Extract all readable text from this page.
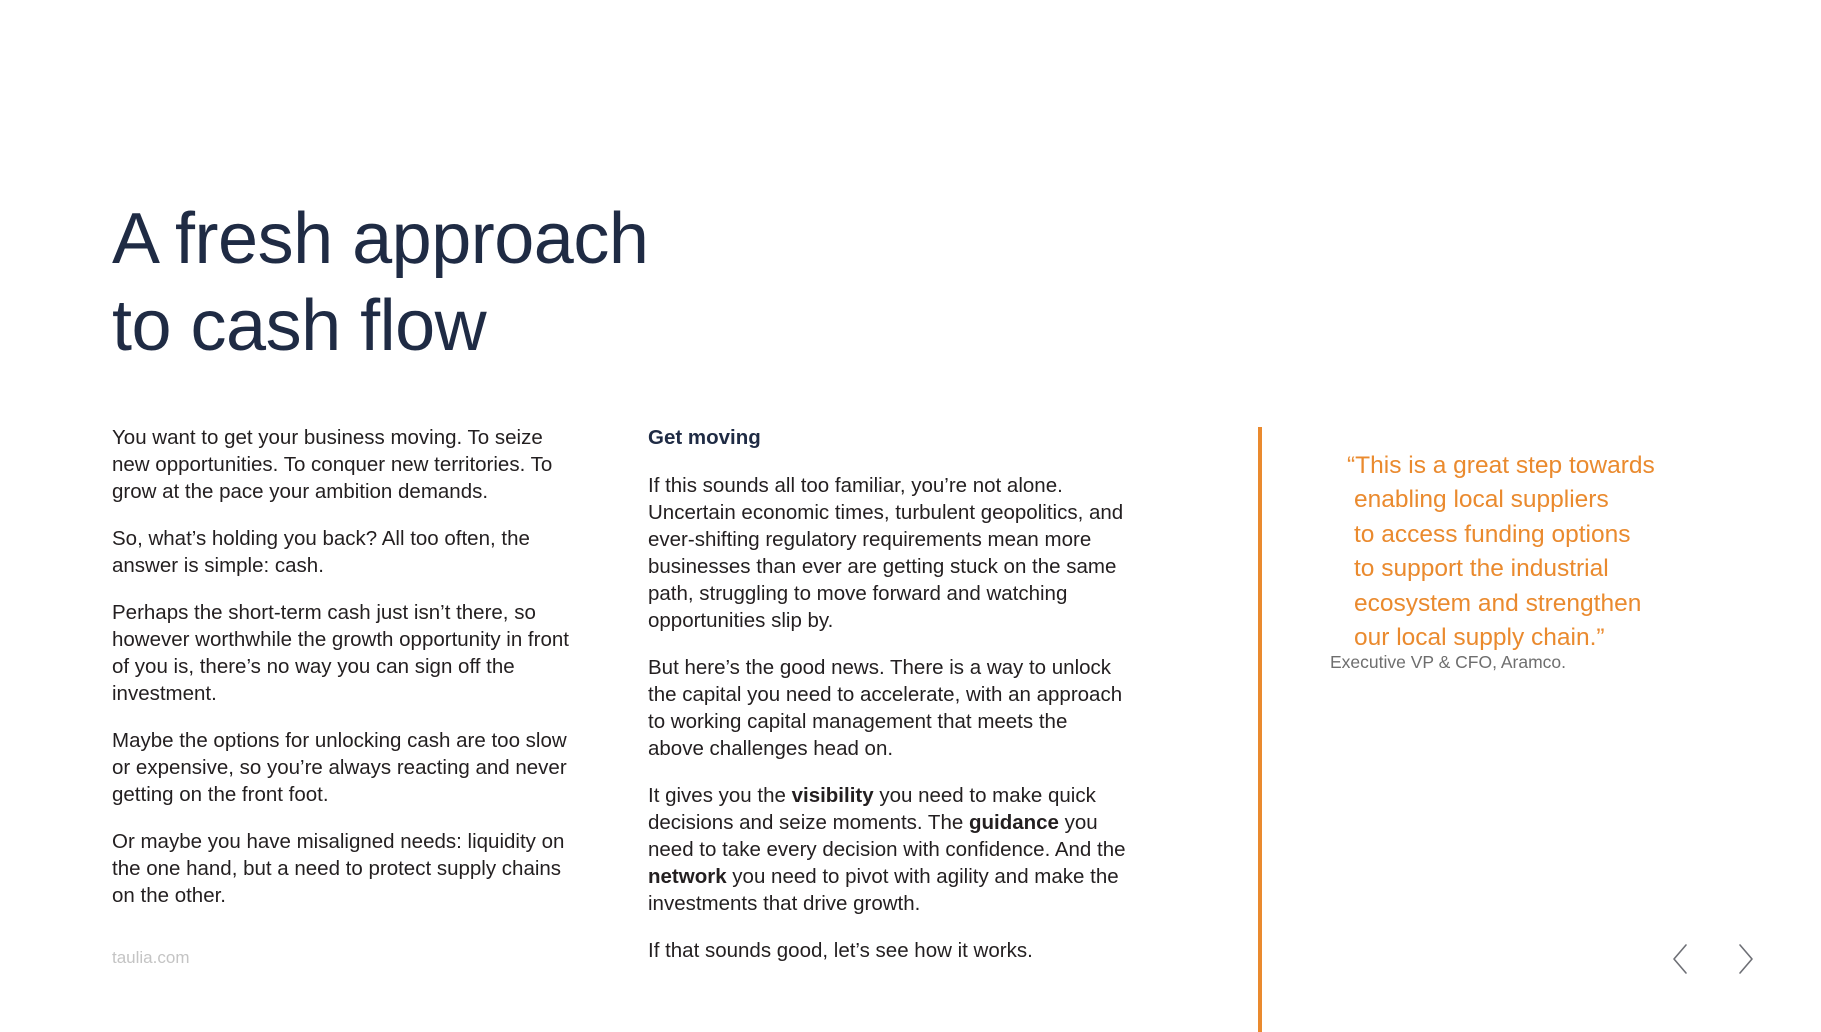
A fresh approach
to cash flow

You want to get your business moving. To seize new opportunities. To conquer new territories. To grow at the pace your ambition demands.

So, what’s holding you back? All too often, the answer is simple: cash.

Perhaps the short-term cash just isn’t there, so however worthwhile the growth opportunity in front of you is, there’s no way you can sign off the investment.

Maybe the options for unlocking cash are too slow or expensive, so you’re always reacting and never getting on the front foot.

Or maybe you have misaligned needs: liquidity on the one hand, but a need to protect supply chains on the other.

Get moving

If this sounds all too familiar, you’re not alone. Uncertain economic times, turbulent geopolitics, and ever-shifting regulatory requirements mean more businesses than ever are getting stuck on the same path, struggling to move forward and watching opportunities slip by.

But here’s the good news. There is a way to unlock the capital you need to accelerate, with an approach to working capital management that meets the above challenges head on.

It gives you the visibility you need to make quick decisions and seize moments. The guidance you need to take every decision with confidence. And the network you need to pivot with agility and make the investments that drive growth.

If that sounds good, let’s see how it works.

“This is a great step towards
enabling local suppliers
to access funding options
to support the industrial
ecosystem and strengthen
our local supply chain.”
Executive VP & CFO, Aramco.
taulia.com
